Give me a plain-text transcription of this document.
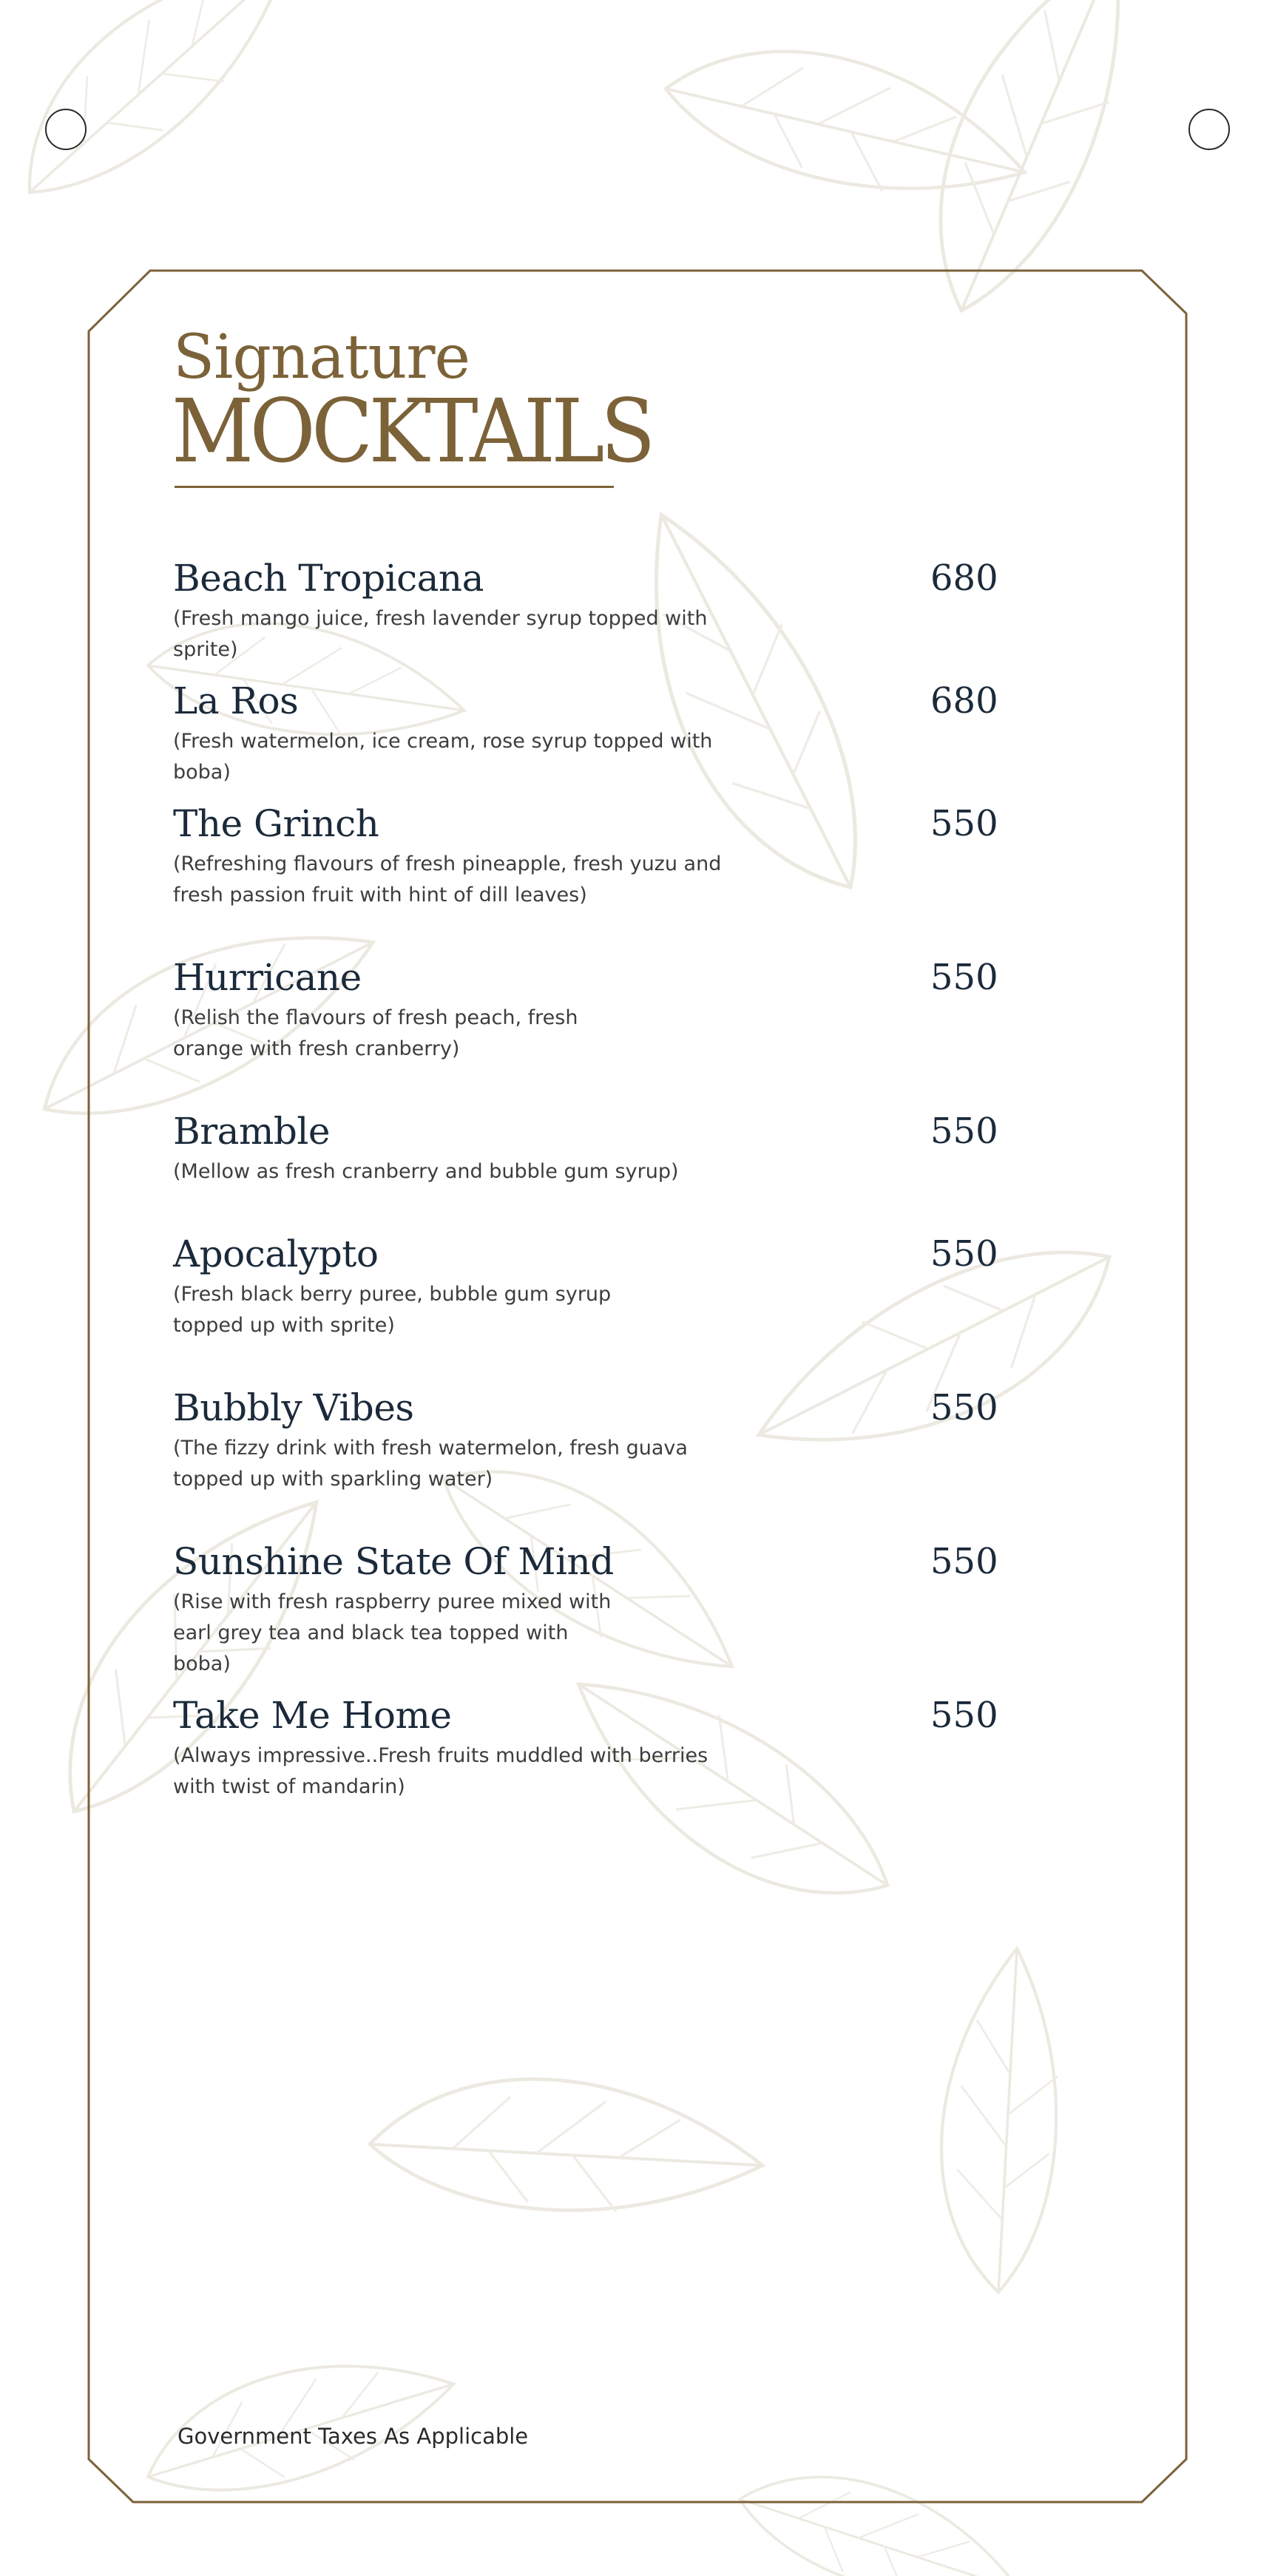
Signature
MOCKTAILS
Beach Tropicana	680
(Fresh mango juice, fresh lavender syrup topped with sprite)
La Ros	680
(Fresh watermelon, ice cream, rose syrup topped with boba)
The Grinch	550
(Refreshing flavours of fresh pineapple, fresh yuzu and fresh passion fruit with hint of dill leaves)
Hurricane	550
(Relish the flavours of fresh peach, fresh orange with fresh cranberry)
Bramble	550
(Mellow as fresh cranberry and bubble gum syrup)
Apocalypto	550
(Fresh black berry puree, bubble gum syrup topped up with sprite)
Bubbly Vibes	550
(The fizzy drink with fresh watermelon, fresh guava topped up with sparkling water)
Sunshine State Of Mind	550
(Rise with fresh raspberry puree mixed with earl grey tea and black tea topped with boba)
Take Me Home	550
(Always impressive..Fresh fruits muddled with berries with twist of mandarin)
Government Taxes As Applicable
